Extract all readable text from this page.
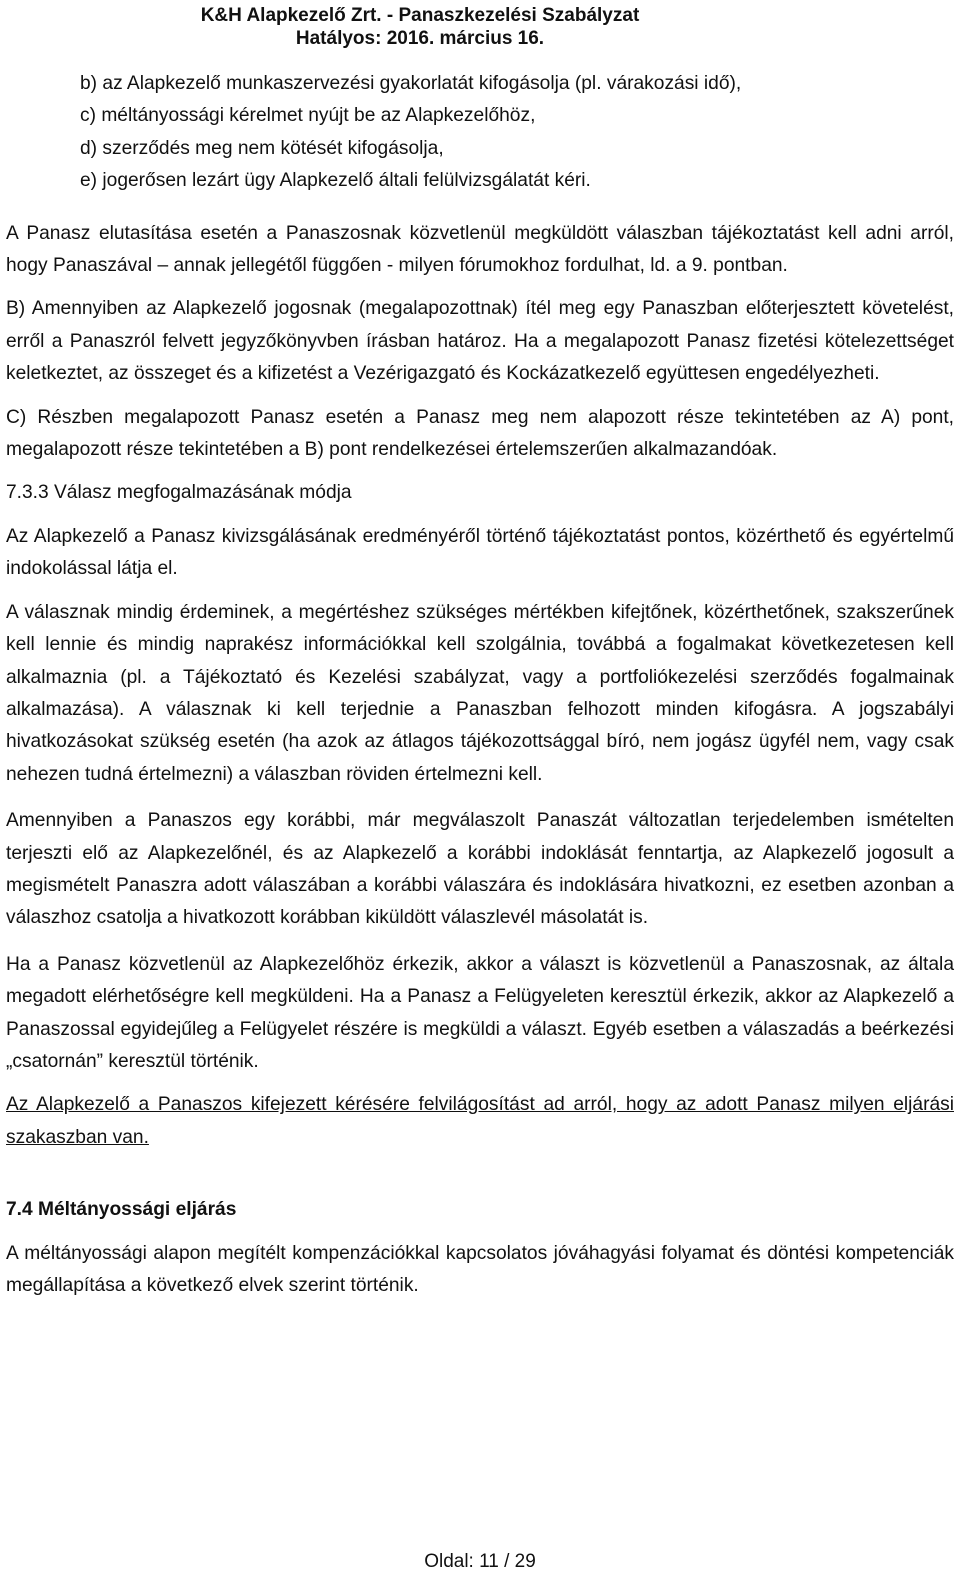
K&H Alapkezelő Zrt. - Panaszkezelési Szabályzat
Hatályos: 2016. március 16.
b) az Alapkezelő munkaszervezési gyakorlatát kifogásolja (pl. várakozási idő),
c) méltányossági kérelmet nyújt be az Alapkezelőhöz,
d) szerződés meg nem kötését kifogásolja,
e) jogerősen lezárt ügy Alapkezelő általi felülvizsgálatát kéri.

A Panasz elutasítása esetén a Panaszosnak közvetlenül megküldött válaszban tájékoztatást kell adni arról, hogy Panaszával – annak jellegétől függően - milyen fórumokhoz fordulhat, ld. a 9. pontban.

B) Amennyiben az Alapkezelő jogosnak (megalapozottnak) ítél meg egy Panaszban előterjesztett követelést, erről a Panaszról felvett jegyzőkönyvben írásban határoz. Ha a megalapozott Panasz fizetési kötelezettséget keletkeztet, az összeget és a kifizetést a Vezérigazgató és Kockázatkezelő együttesen engedélyezheti.

C) Részben megalapozott Panasz esetén a Panasz meg nem alapozott része tekintetében az A) pont, megalapozott része tekintetében a B) pont rendelkezései értelemszerűen alkalmazandóak.

7.3.3 Válasz megfogalmazásának módja

Az Alapkezelő a Panasz kivizsgálásának eredményéről történő tájékoztatást pontos, közérthető és egyértelmű indokolással látja el.

A válasznak mindig érdeminek, a megértéshez szükséges mértékben kifejtőnek, közérthetőnek, szakszerűnek kell lennie és mindig naprakész információkkal kell szolgálnia, továbbá a fogalmakat következetesen kell alkalmaznia (pl. a Tájékoztató és Kezelési szabályzat, vagy a portfoliókezelési szerződés fogalmainak alkalmazása). A válasznak ki kell terjednie a Panaszban felhozott minden kifogásra. A jogszabályi hivatkozásokat szükség esetén (ha azok az átlagos tájékozottsággal bíró, nem jogász ügyfél nem, vagy csak nehezen tudná értelmezni) a válaszban röviden értelmezni kell.

Amennyiben a Panaszos egy korábbi, már megválaszolt Panaszát változatlan terjedelemben ismételten terjeszti elő az Alapkezelőnél, és az Alapkezelő a korábbi indoklását fenntartja, az Alapkezelő jogosult a megismételt Panaszra adott válaszában a korábbi válaszára és indoklására hivatkozni, ez esetben azonban a válaszhoz csatolja a hivatkozott korábban kiküldött válaszlevél másolatát is.

Ha a Panasz közvetlenül az Alapkezelőhöz érkezik, akkor a választ is közvetlenül a Panaszosnak, az általa megadott elérhetőségre kell megküldeni. Ha a Panasz a Felügyeleten keresztül érkezik, akkor az Alapkezelő a Panaszossal egyidejűleg a Felügyelet részére is megküldi a választ. Egyéb esetben a válaszadás a beérkezési „csatornán” keresztül történik.

Az Alapkezelő a Panaszos kifejezett kérésére felvilágosítást ad arról, hogy az adott Panasz milyen eljárási szakaszban van.

7.4 Méltányossági eljárás

A méltányossági alapon megítélt kompenzációkkal kapcsolatos jóváhagyási folyamat és döntési kompetenciák megállapítása a következő elvek szerint történik.

Oldal: 11 / 29
